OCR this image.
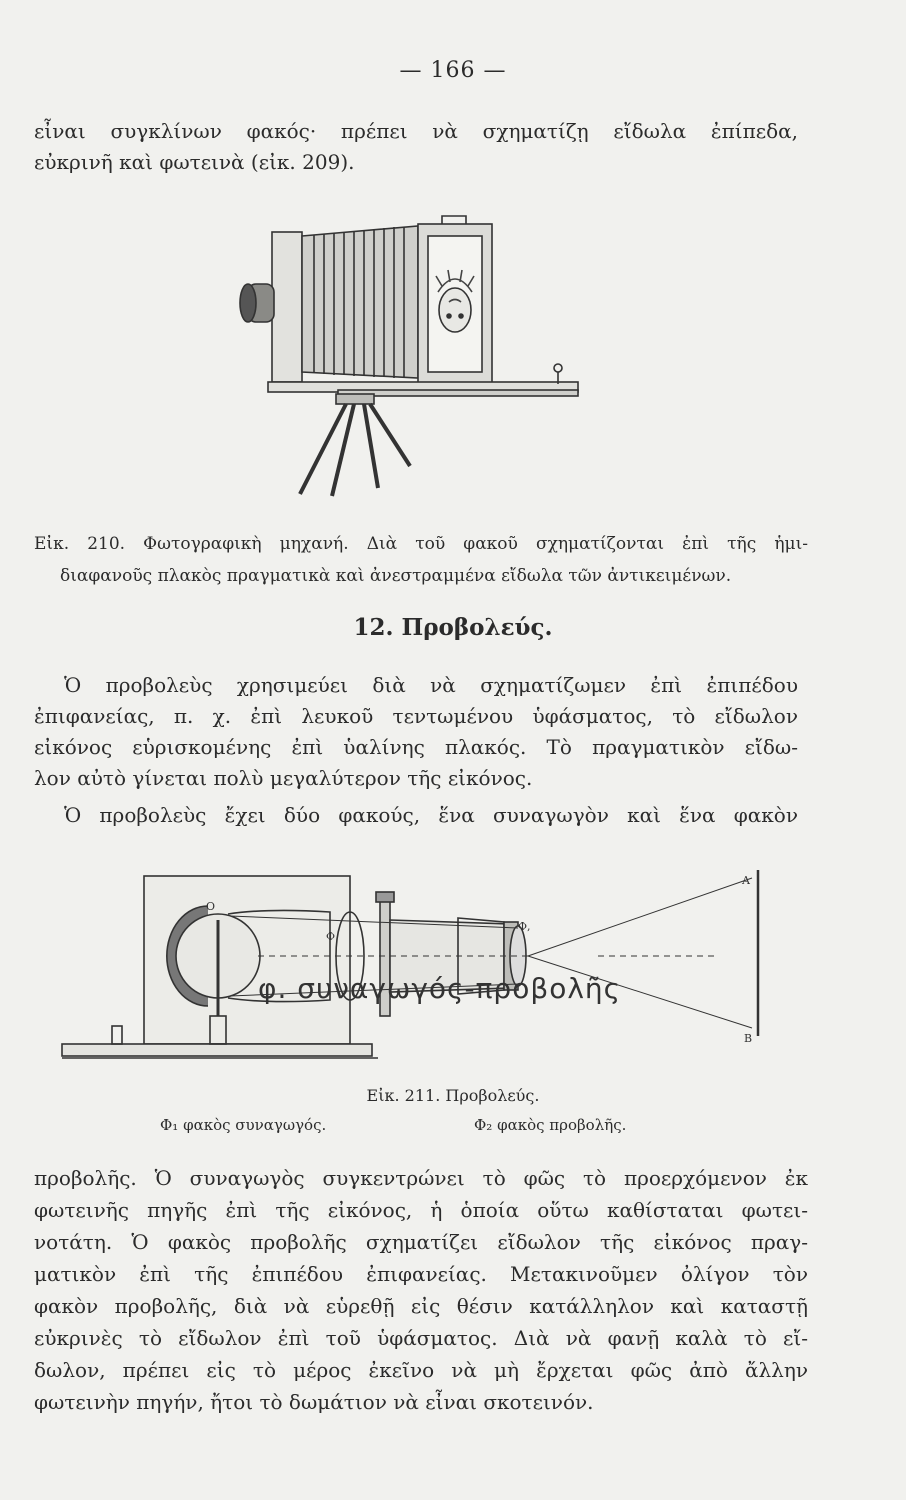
— 166 —
εἶναι συγκλίνων φακός· πρέπει νὰ σχηματίζῃ εἴδωλα ἐπίπεδα,
εὐκρινῆ καὶ φωτεινὰ (εἰκ. 209).
Εἰκ. 210. Φωτογραφικὴ μηχανή. Διὰ τοῦ φακοῦ σχηματίζονται ἐπὶ τῆς ἡμι-
διαφανοῦς πλακὸς πραγματικὰ καὶ ἀνεστραμμένα εἴδωλα τῶν ἀντικειμένων.
12. Προβολεύς.
Ὁ προβολεὺς χρησιμεύει διὰ νὰ σχηματίζωμεν ἐπὶ ἐπιπέδου
ἐπιφανείας, π. χ. ἐπὶ λευκοῦ τεντωμένου ὑφάσματος, τὸ εἴδωλον
εἰκόνος εὑρισκομένης ἐπὶ ὑαλίνης πλακός. Τὸ πραγματικὸν εἴδω-
λον αὐτὸ γίνεται πολὺ μεγαλύτερον τῆς εἰκόνος.
Ὁ προβολεὺς ἔχει δύο φακούς, ἕνα συναγωγὸν καὶ ἕνα φακὸν
O
Φ
Φ,
A
B
φ. συναγωγός-προβολῆς
Εἰκ. 211. Προβολεύς.
Φ₁ φακὸς συναγωγός.	Φ₂ φακὸς προβολῆς.
προβολῆς. Ὁ συναγωγὸς συγκεντρώνει τὸ φῶς τὸ προερχόμενον ἐκ
φωτεινῆς πηγῆς ἐπὶ τῆς εἰκόνος, ἡ ὁποία οὕτω καθίσταται φωτει-
νοτάτη. Ὁ φακὸς προβολῆς σχηματίζει εἴδωλον τῆς εἰκόνος πραγ-
ματικὸν ἐπὶ τῆς ἐπιπέδου ἐπιφανείας. Μετακινοῦμεν ὀλίγον τὸν
φακὸν προβολῆς, διὰ νὰ εὑρεθῇ εἰς θέσιν κατάλληλον καὶ καταστῇ
εὐκρινὲς τὸ εἴδωλον ἐπὶ τοῦ ὑφάσματος. Διὰ νὰ φανῇ καλὰ τὸ εἴ-
δωλον, πρέπει εἰς τὸ μέρος ἐκεῖνο νὰ μὴ ἔρχεται φῶς ἀπὸ ἄλλην
φωτεινὴν πηγήν, ἤτοι τὸ δωμάτιον νὰ εἶναι σκοτεινόν.
